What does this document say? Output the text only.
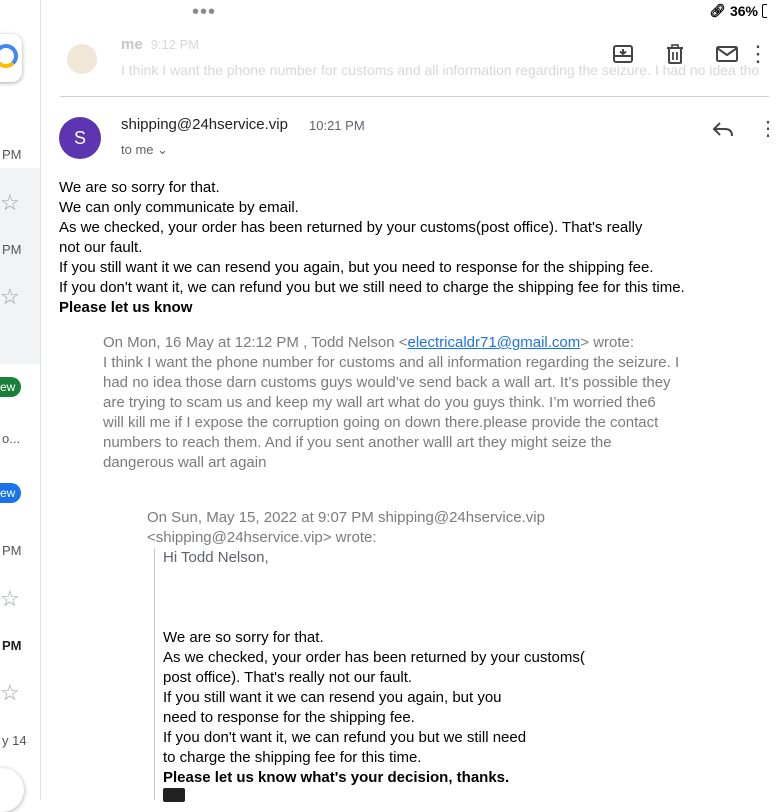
•••	🔗︎ 36%
PM
☆
PM
☆
ew
o...
ew
PM
☆
PM
☆
y 14
me 9:12 PM
I think I want the phone number for customs and all information regarding the seizure. I had no idea tho
⋮
S
shipping@24hservice.vip 10:21 PM
to me ⌄
⋮
We are so sorry for that.
We can only communicate by email.
As we checked, your order has been returned by your customs(post office). That's really
not our fault.
If you still want it we can resend you again, but you need to response for the shipping fee.
If you don't want it, we can refund you but we still need to charge the shipping fee for this time.
Please let us know
On Mon, 16 May at 12:12 PM , Todd Nelson <electricaldr71@gmail.com> wrote:
I think I want the phone number for customs and all information regarding the seizure. I
had no idea those darn customs guys would’ve send back a wall art. It’s possible they
are trying to scam us and keep my wall art what do you guys think. I’m worried the6
will kill me if I expose the corruption going on down there.please provide the contact
numbers to reach them. And if you sent another walll art they might seize the
dangerous wall art again
On Sun, May 15, 2022 at 9:07 PM shipping@24hservice.vip
<shipping@24hservice.vip> wrote:
Hi Todd Nelson,
We are so sorry for that.
As we checked, your order has been returned by your customs(
post office). That's really not our fault.
If you still want it we can resend you again, but you
need to response for the shipping fee.
If you don't want it, we can refund you but we still need
to charge the shipping fee for this time.
Please let us know what's your decision, thanks.
